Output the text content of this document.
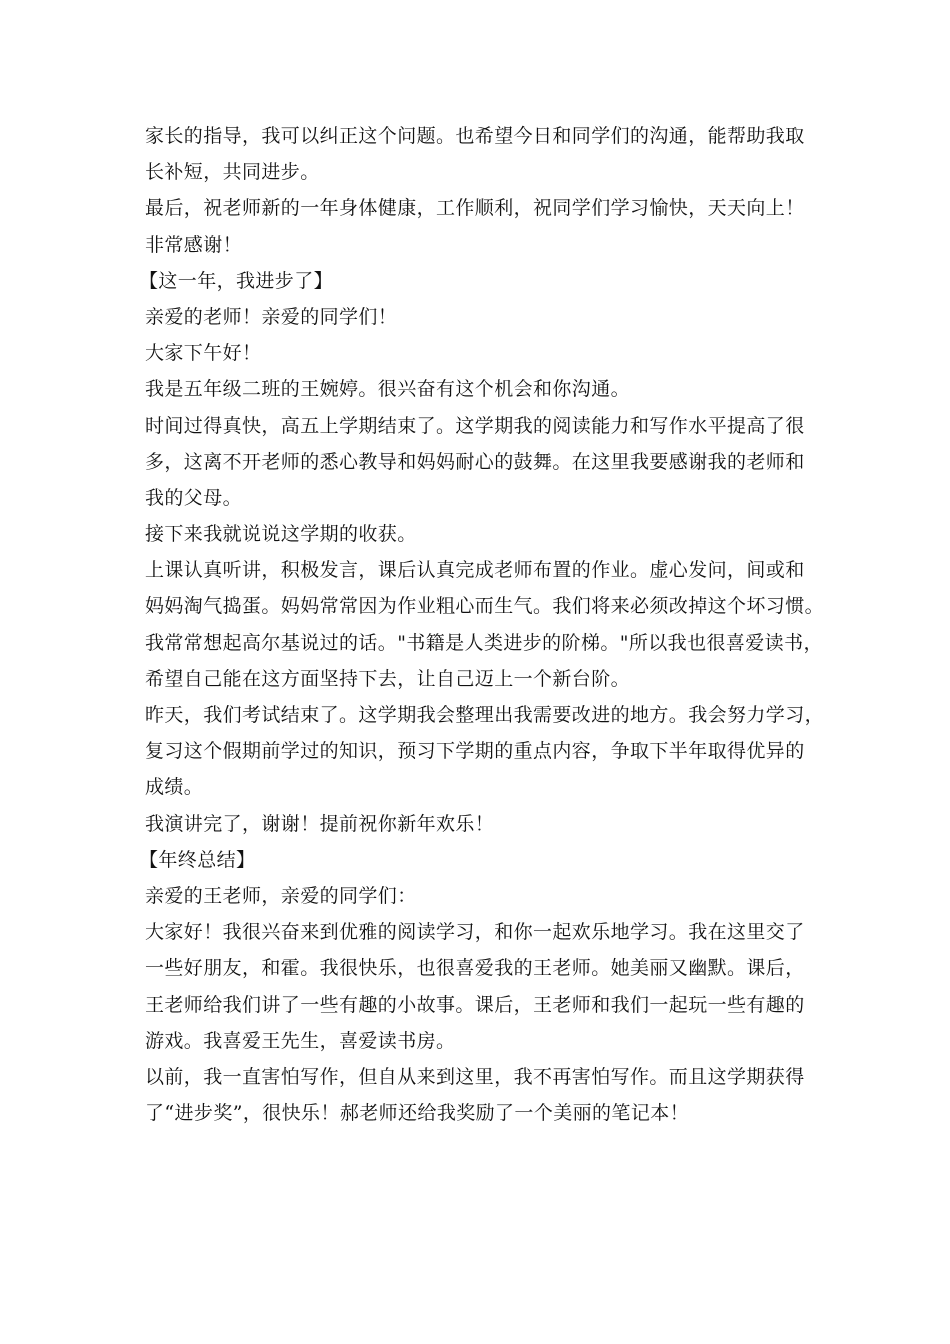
家长的指导，我可以纠正这个问题。也希望今日和同学们的沟通，能帮助我取
长补短，共同进步。
最后，祝老师新的一年身体健康，工作顺利，祝同学们学习愉快，天天向上！
非常感谢！
【这一年，我进步了】
亲爱的老师！亲爱的同学们！
大家下午好！
我是五年级二班的王婉婷。很兴奋有这个机会和你沟通。
时间过得真快，高五上学期结束了。这学期我的阅读能力和写作水平提高了很
多，这离不开老师的悉心教导和妈妈耐心的鼓舞。在这里我要感谢我的老师和
我的父母。
接下来我就说说这学期的收获。
上课认真听讲，积极发言，课后认真完成老师布置的作业。虚心发问，间或和
妈妈淘气捣蛋。妈妈常常因为作业粗心而生气。我们将来必须改掉这个坏习惯。
我常常想起高尔基说过的话。"书籍是人类进步的阶梯。"所以我也很喜爱读书，
希望自己能在这方面坚持下去，让自己迈上一个新台阶。
昨天，我们考试结束了。这学期我会整理出我需要改进的地方。我会努力学习，
复习这个假期前学过的知识，预习下学期的重点内容，争取下半年取得优异的
成绩。
我演讲完了，谢谢！提前祝你新年欢乐！
【年终总结】
亲爱的王老师，亲爱的同学们：
大家好！我很兴奋来到优雅的阅读学习，和你一起欢乐地学习。我在这里交了
一些好朋友，和霍。我很快乐，也很喜爱我的王老师。她美丽又幽默。课后，
王老师给我们讲了一些有趣的小故事。课后，王老师和我们一起玩一些有趣的
游戏。我喜爱王先生，喜爱读书房。
以前，我一直害怕写作，但自从来到这里，我不再害怕写作。而且这学期获得
了“进步奖”，很快乐！郝老师还给我奖励了一个美丽的笔记本！
